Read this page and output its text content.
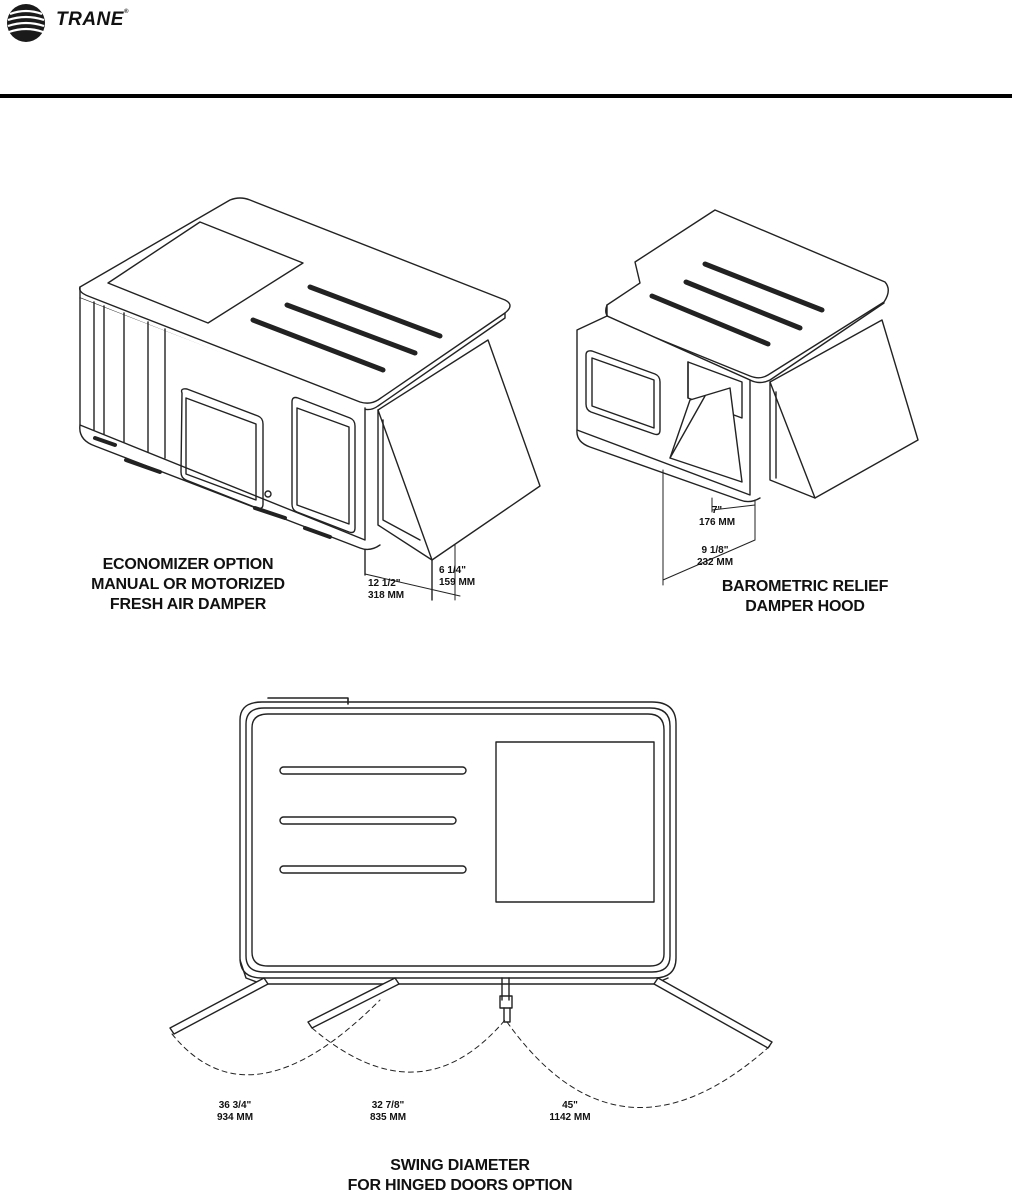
TRANE®
ECONOMIZER OPTION
MANUAL OR MOTORIZED
FRESH AIR DAMPER
6 1/4"
159 MM
12 1/2"
318 MM
7"
176 MM
9 1/8"
232 MM
BAROMETRIC RELIEF
DAMPER HOOD
36 3/4"
934 MM
32 7/8"
835 MM
45"
1142 MM
SWING DIAMETER
FOR HINGED DOORS OPTION
